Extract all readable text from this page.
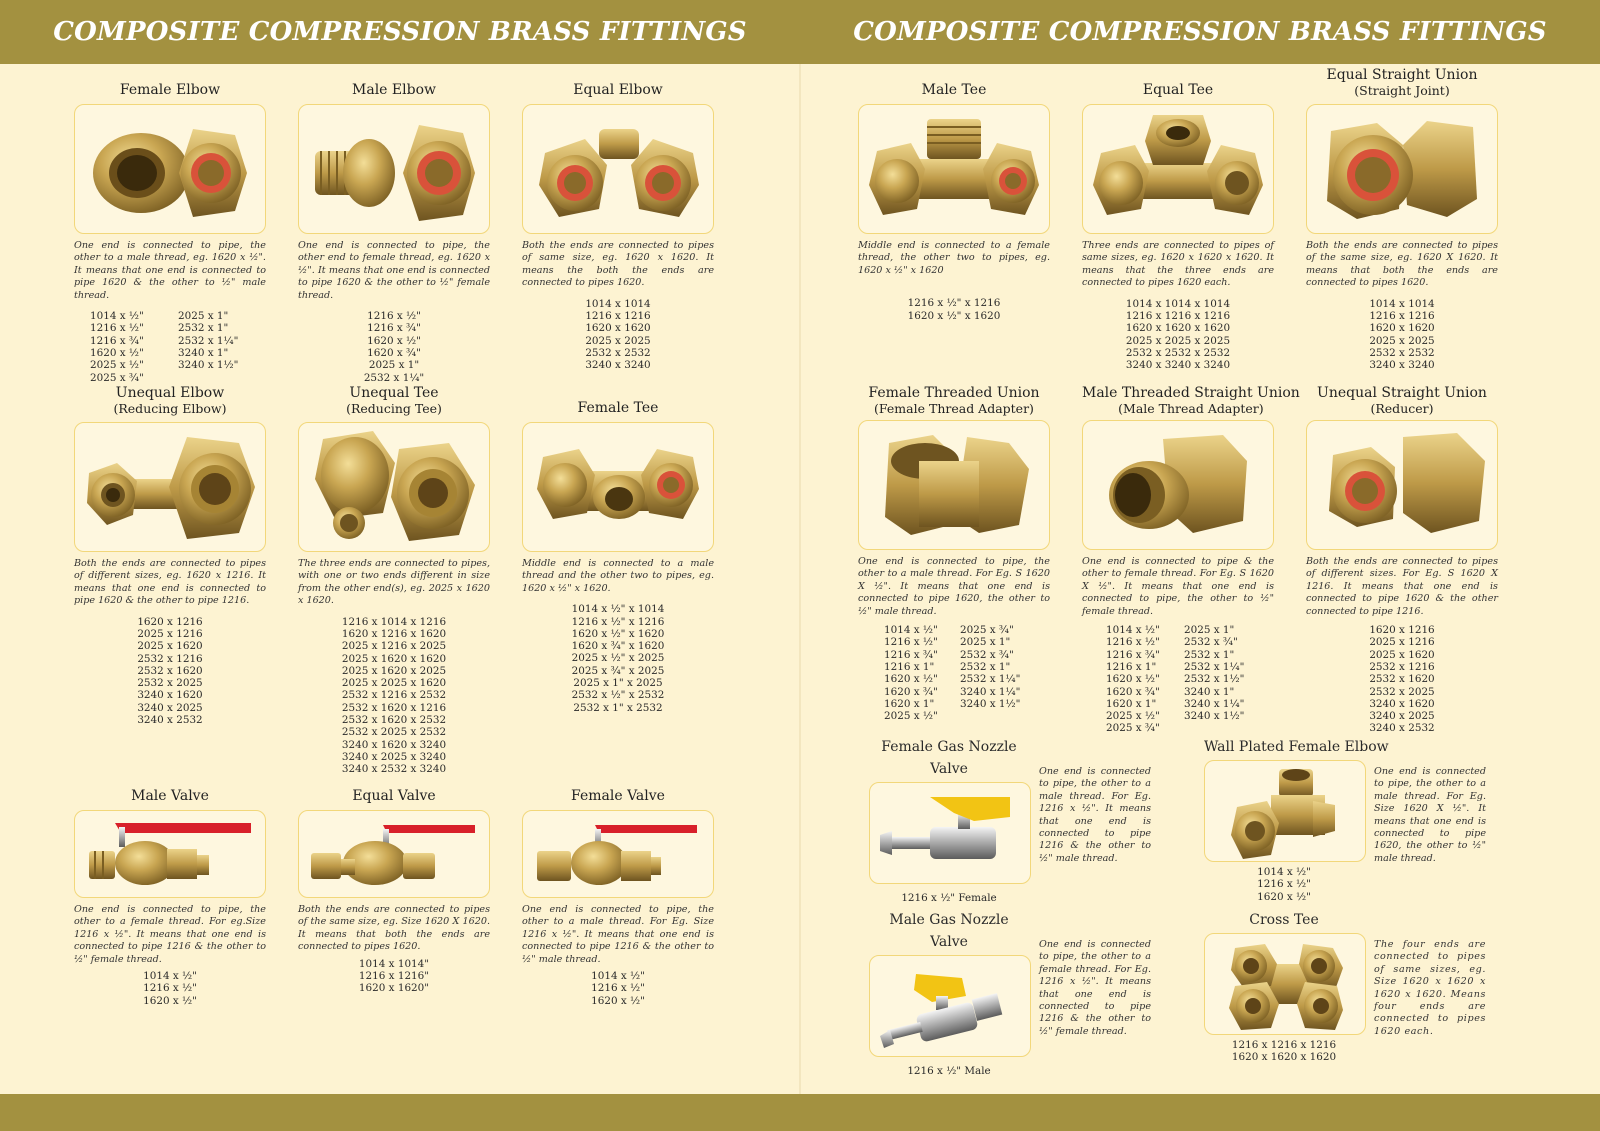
COMPOSITE COMPRESSION BRASS FITTINGS	COMPOSITE COMPRESSION BRASS FITTINGS
Female Elbow
One end is connected to pipe, the other to a male thread, eg. 1620 x ½". It means that one end is connected to pipe 1620 & the other to ½" male thread.
1014 x ½"
1216 x ½"
1216 x ¾"
1620 x ½"
2025 x ½"
2025 x ¾"
2025 x 1"
2532 x 1"
2532 x 1¼"
3240 x 1"
3240 x 1½"
Male Elbow
One end is connected to pipe, the other end to female thread, eg. 1620 x ½". It means that one end is connected to pipe 1620 & the other to ½" female thread.
1216 x ½"
1216 x ¾"
1620 x ½"
1620 x ¾"
2025 x 1"
2532 x 1¼"
Equal Elbow
Both the ends are connected to pipes of same size, eg. 1620 x 1620. It means the both the ends are connected to pipes 1620.
1014 x 1014
1216 x 1216
1620 x 1620
2025 x 2025
2532 x 2532
3240 x 3240
Unequal Elbow
(Reducing Elbow)
Both the ends are connected to pipes of different sizes, eg. 1620 x 1216. It means that one end is connected to pipe 1620 & the other to pipe 1216.
1620 x 1216
2025 x 1216
2025 x 1620
2532 x 1216
2532 x 1620
2532 x 2025
3240 x 1620
3240 x 2025
3240 x 2532
Unequal Tee
(Reducing Tee)
The three ends are connected to pipes, with one or two ends different in size from the other end(s), eg. 2025 x 1620 x 1620.
1216 x 1014 x 1216
1620 x 1216 x 1620
2025 x 1216 x 2025
2025 x 1620 x 1620
2025 x 1620 x 2025
2025 x 2025 x 1620
2532 x 1216 x 2532
2532 x 1620 x 1216
2532 x 1620 x 2532
2532 x 2025 x 2532
3240 x 1620 x 3240
3240 x 2025 x 3240
3240 x 2532 x 3240
Female Tee
Middle end is connected to a male thread and the other two to pipes, eg. 1620 x ½" x 1620.
1014 x ½" x 1014
1216 x ½" x 1216
1620 x ½" x 1620
1620 x ¾" x 1620
2025 x ½" x 2025
2025 x ¾" x 2025
2025 x 1" x 2025
2532 x ½" x 2532
2532 x 1" x 2532
Male Valve
One end is connected to pipe, the other to a female thread. For eg.Size 1216 x ½". It means that one end is connected to pipe 1216 & the other to ½" female thread.
1014 x ½"
1216 x ½"
1620 x ½"
Equal Valve
Both the ends are connected to pipes of the same size, eg. Size 1620 X 1620. It means that both the ends are connected to pipes 1620.
1014 x 1014"
1216 x 1216"
1620 x 1620"
Female Valve
One end is connected to pipe, the other to a male thread. For Eg. Size 1216 x ½". It means that one end is connected to pipe 1216 & the other to ½" male thread.
1014 x ½"
1216 x ½"
1620 x ½"
Male Tee
Middle end is connected to a female thread, the other two to pipes, eg. 1620 x ½" x 1620
1216 x ½" x 1216
1620 x ½" x 1620
Equal Tee
Three ends are connected to pipes of same sizes, eg. 1620 x 1620 x 1620. It means that the three ends are connected to pipes 1620 each.
1014 x 1014 x 1014
1216 x 1216 x 1216
1620 x 1620 x 1620
2025 x 2025 x 2025
2532 x 2532 x 2532
3240 x 3240 x 3240
Equal Straight Union
(Straight Joint)
Both the ends are connected to pipes of the same size, eg. 1620 X 1620. It means that both the ends are connected to pipes 1620.
1014 x 1014
1216 x 1216
1620 x 1620
2025 x 2025
2532 x 2532
3240 x 3240
Female Threaded Union
(Female Thread Adapter)
One end is connected to pipe, the other to a male thread. For Eg. S 1620 X ½". It means that one end is connected to pipe 1620, the other to ½" male thread.
1014 x ½"
1216 x ½"
1216 x ¾"
1216 x 1"
1620 x ½"
1620 x ¾"
1620 x 1"
2025 x ½"
2025 x ¾"
2025 x 1"
2532 x ¾"
2532 x 1"
2532 x 1¼"
3240 x 1¼"
3240 x 1½"
Male Threaded Straight Union
(Male Thread Adapter)
One end is connected to pipe & the other to female thread. For Eg. S 1620 X ½". It means that one end is connected to pipe, the other to ½" female thread.
1014 x ½"
1216 x ½"
1216 x ¾"
1216 x 1"
1620 x ½"
1620 x ¾"
1620 x 1"
2025 x ½"
2025 x ¾"
2025 x 1"
2532 x ¾"
2532 x 1"
2532 x 1¼"
2532 x 1½"
3240 x 1"
3240 x 1¼"
3240 x 1½"
Unequal Straight Union
(Reducer)
Both the ends are connected to pipes of different sizes. For Eg. S 1620 X 1216. It means that one end is connected to pipe 1620 & the other connected to pipe 1216.
1620 x 1216
2025 x 1216
2025 x 1620
2532 x 1216
2532 x 1620
2532 x 2025
3240 x 1620
3240 x 2025
3240 x 2532
Female Gas Nozzle Valve	One end is connected to pipe, the other to a male thread. For Eg. 1216 x ½". It means that one end is connected to pipe 1216 & the other to ½" male thread.
1216 x ½" Female
Wall Plated Female Elbow
One end is connected to pipe, the other to a male thread. For Eg. Size 1620 X ½". It means that one end is connected to pipe 1620, the other to ½" male thread.
1014 x ½"
1216 x ½"
1620 x ½"
Male Gas Nozzle Valve	One end is connected to pipe, the other to a female thread. For Eg. 1216 x ½". It means that one end is connected to pipe 1216 & the other to ½" female thread.
1216 x ½" Male
Cross Tee
The four ends are connected to pipes of same sizes, eg. Size 1620 x 1620 x 1620 x 1620. Means four ends are connected to pipes 1620 each.
1216 x 1216 x 1216
1620 x 1620 x 1620
